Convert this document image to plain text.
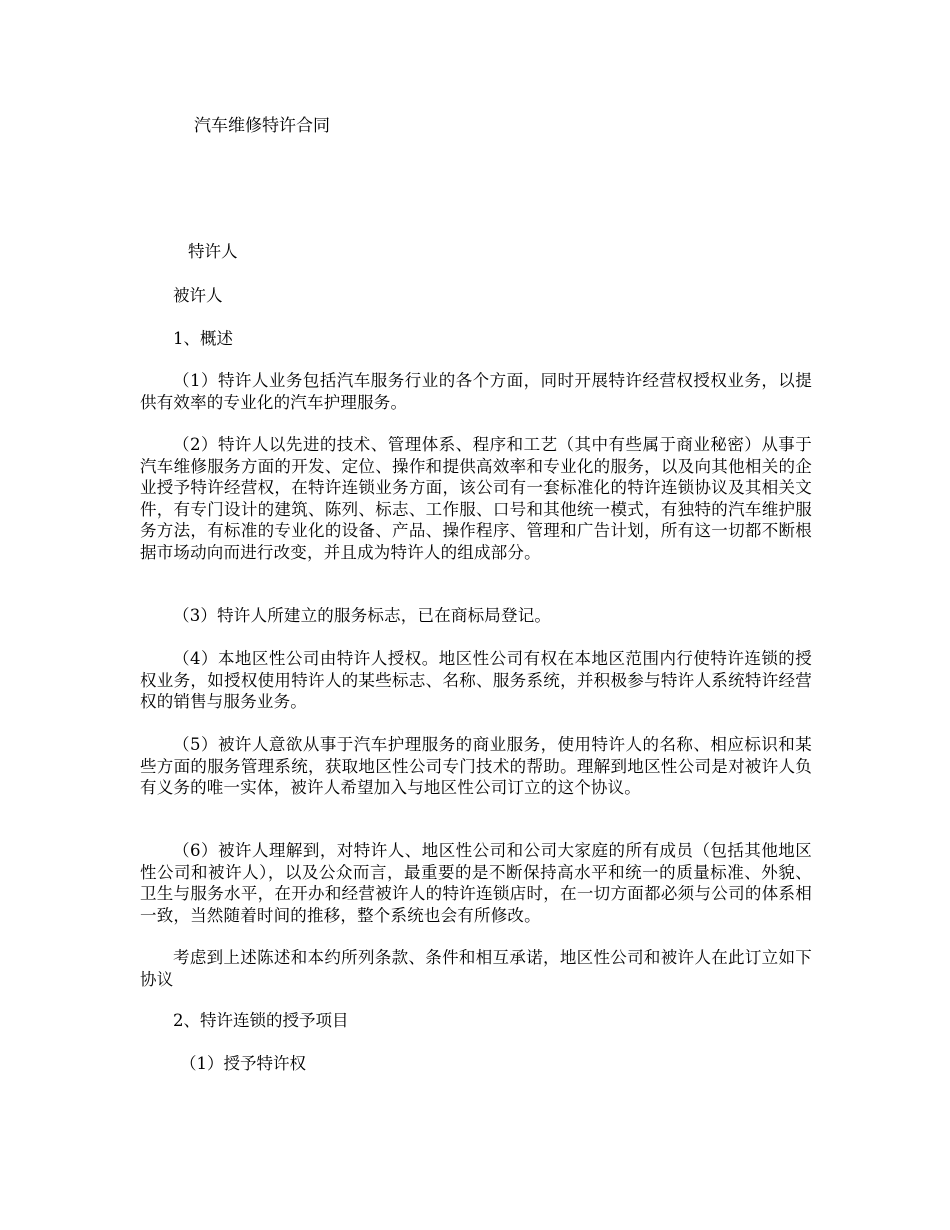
汽车维修特许合同
特许人
被许人
1、概述
（1）特许人业务包括汽车服务行业的各个方面，同时开展特许经营权授权业务，以提供有效率的专业化的汽车护理服务。
（2）特许人以先进的技术、管理体系、程序和工艺（其中有些属于商业秘密）从事于汽车维修服务方面的开发、定位、操作和提供高效率和专业化的服务，以及向其他相关的企业授予特许经营权，在特许连锁业务方面，该公司有一套标准化的特许连锁协议及其相关文件，有专门设计的建筑、陈列、标志、工作服、口号和其他统一模式，有独特的汽车维护服务方法，有标准的专业化的设备、产品、操作程序、管理和广告计划，所有这一切都不断根据市场动向而进行改变，并且成为特许人的组成部分。
（3）特许人所建立的服务标志，已在商标局登记。
（4）本地区性公司由特许人授权。地区性公司有权在本地区范围内行使特许连锁的授权业务，如授权使用特许人的某些标志、名称、服务系统，并积极参与特许人系统特许经营权的销售与服务业务。
（5）被许人意欲从事于汽车护理服务的商业服务，使用特许人的名称、相应标识和某些方面的服务管理系统，获取地区性公司专门技术的帮助。理解到地区性公司是对被许人负有义务的唯一实体，被许人希望加入与地区性公司订立的这个协议。
（6）被许人理解到，对特许人、地区性公司和公司大家庭的所有成员（包括其他地区性公司和被许人），以及公众而言，最重要的是不断保持高水平和统一的质量标准、外貌、卫生与服务水平，在开办和经营被许人的特许连锁店时，在一切方面都必须与公司的体系相一致，当然随着时间的推移，整个系统也会有所修改。
考虑到上述陈述和本约所列条款、条件和相互承诺，地区性公司和被许人在此订立如下协议
2、特许连锁的授予项目
（1）授予特许权
